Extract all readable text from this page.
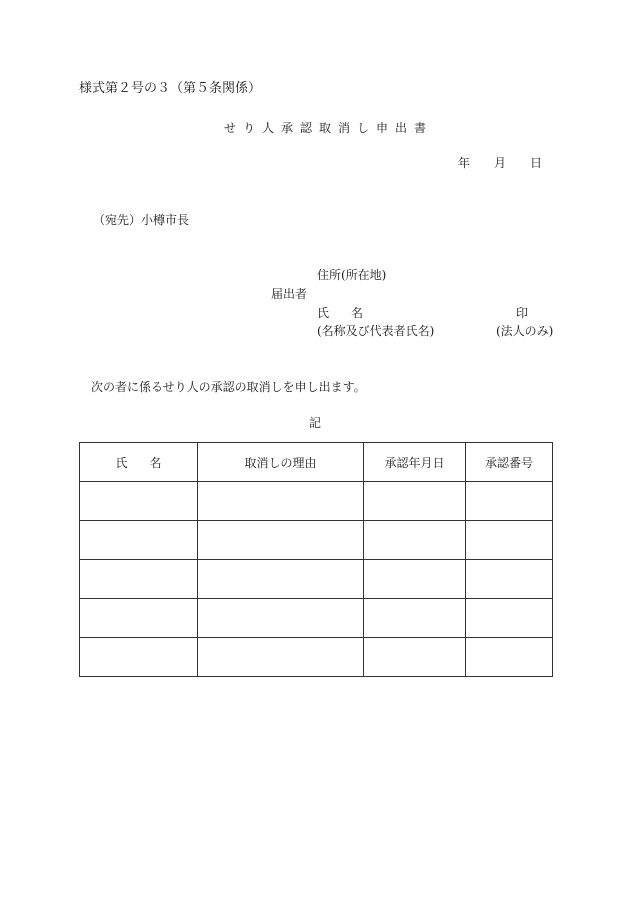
様式第２号の３（第５条関係）
せり人承認取消し申出書
年 月 日
（宛先）小樽市長
住所(所在地)
届出者
氏名	印
(名称及び代表者氏名)	(法人のみ)
次の者に係るせり人の承認の取消しを申し出ます。
記
氏名	取消しの理由	承認年月日	承認番号
